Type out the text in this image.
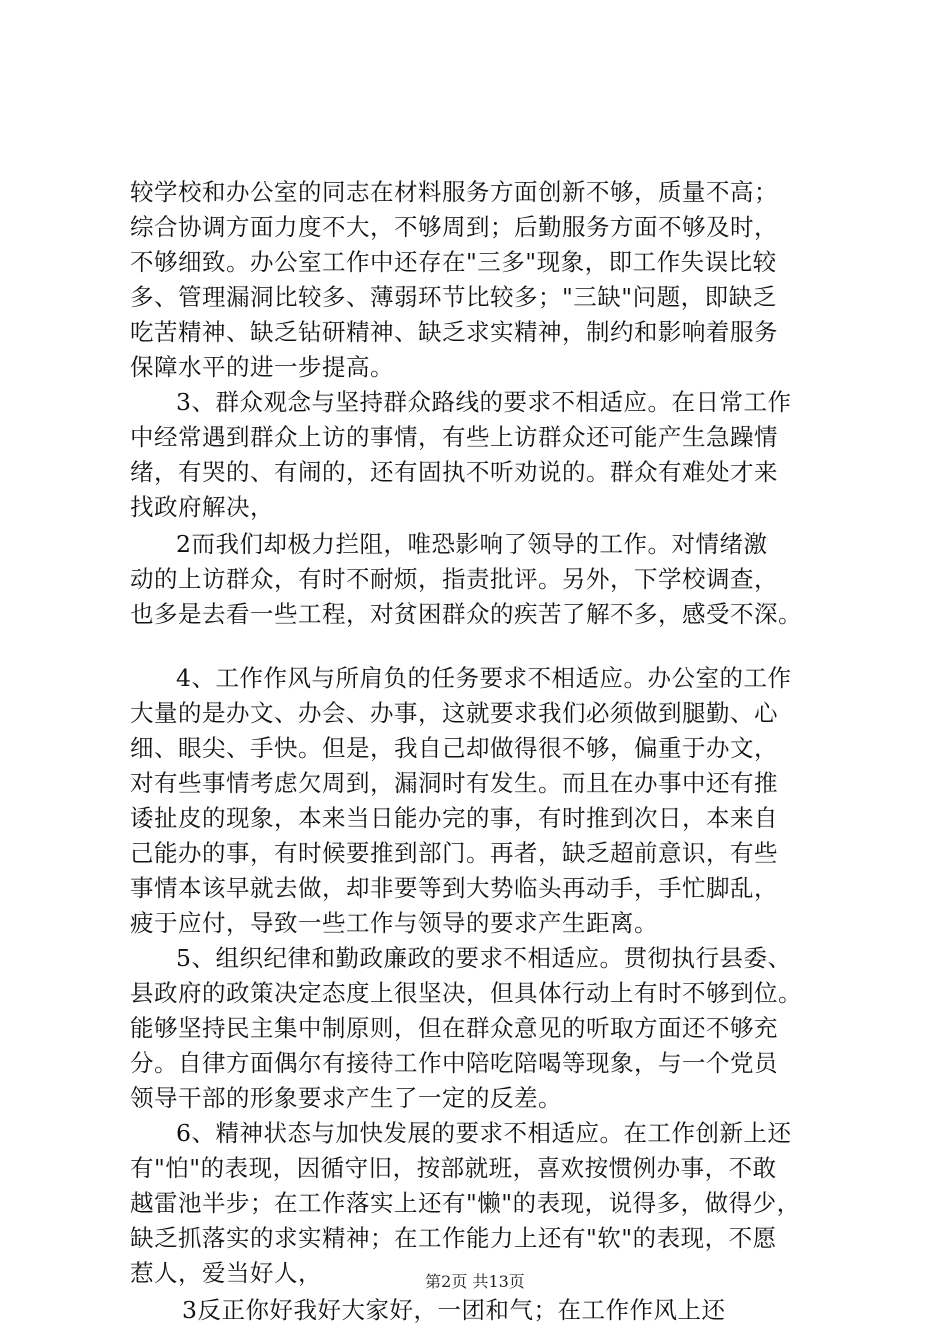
较学校和办公室的同志在材料服务方面创新不够，质量不高；
综合协调方面力度不大，不够周到；后勤服务方面不够及时，
不够细致。办公室工作中还存在"三多"现象，即工作失误比较
多、管理漏洞比较多、薄弱环节比较多；"三缺"问题，即缺乏
吃苦精神、缺乏钻研精神、缺乏求实精神，制约和影响着服务
保障水平的进一步提高。
3、群众观念与坚持群众路线的要求不相适应。在日常工作
中经常遇到群众上访的事情，有些上访群众还可能产生急躁情
绪，有哭的、有闹的，还有固执不听劝说的。群众有难处才来
找政府解决，
2而我们却极力拦阻，唯恐影响了领导的工作。对情绪激
动的上访群众，有时不耐烦，指责批评。另外，下学校调查，
也多是去看一些工程，对贫困群众的疾苦了解不多，感受不深。
4、工作作风与所肩负的任务要求不相适应。办公室的工作
大量的是办文、办会、办事，这就要求我们必须做到腿勤、心
细、眼尖、手快。但是，我自己却做得很不够，偏重于办文，
对有些事情考虑欠周到，漏洞时有发生。而且在办事中还有推
诿扯皮的现象，本来当日能办完的事，有时推到次日，本来自
己能办的事，有时候要推到部门。再者，缺乏超前意识，有些
事情本该早就去做，却非要等到大势临头再动手，手忙脚乱，
疲于应付，导致一些工作与领导的要求产生距离。
5、组织纪律和勤政廉政的要求不相适应。贯彻执行县委、
县政府的政策决定态度上很坚决，但具体行动上有时不够到位。
能够坚持民主集中制原则，但在群众意见的听取方面还不够充
分。自律方面偶尔有接待工作中陪吃陪喝等现象，与一个党员
领导干部的形象要求产生了一定的反差。
6、精神状态与加快发展的要求不相适应。在工作创新上还
有"怕"的表现，因循守旧，按部就班，喜欢按惯例办事，不敢
越雷池半步；在工作落实上还有"懒"的表现，说得多，做得少，
缺乏抓落实的求实精神；在工作能力上还有"软"的表现，不愿
惹人，爱当好人，
3反正你好我好大家好，一团和气；在工作作风上还
第2页 共13页
